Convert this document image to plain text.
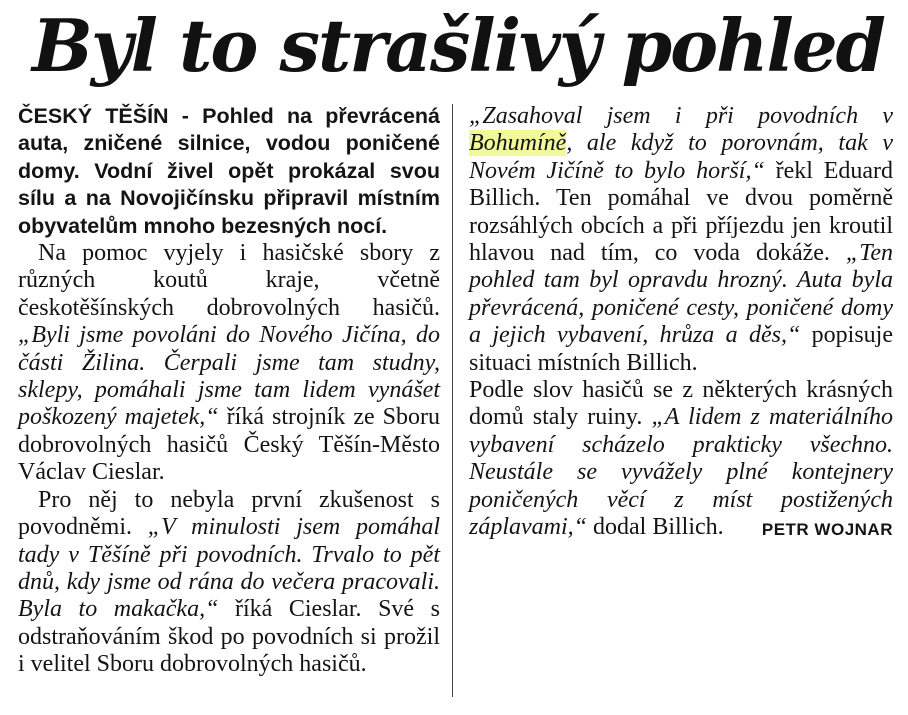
Byl to strašlivý pohled

ČESKÝ TĚŠÍN - Pohled na převrácená auta, zničené silnice, vodou poničené domy. Vodní živel opět prokázal svou sílu a na Novojičínsku připravil místním obyvatelům mnoho bezesných nocí.

Na pomoc vyjely i hasičské sbory z různých koutů kraje, včetně českotěšínských dobrovolných hasičů. „Byli jsme povoláni do Nového Jičína, do části Žilina. Čerpali jsme tam studny, sklepy, pomáhali jsme tam lidem vynášet poškozený majetek,“ říká strojník ze Sboru dobrovolných hasičů Český Těšín-Město Václav Cieslar.

Pro něj to nebyla první zkušenost s povodněmi. „V minulosti jsem pomáhal tady v Těšíně při povodních. Trvalo to pět dnů, kdy jsme od rána do večera pracovali. Byla to makačka,“ říká Cieslar. Své s odstraňováním škod po povodních si prožil i velitel Sboru dobrovolných hasičů.

„Zasahoval jsem i při povodních v Bohumíně, ale když to porovnám, tak v Novém Jičíně to bylo horší,“ řekl Eduard Billich. Ten pomáhal ve dvou poměrně rozsáhlých obcích a při příjezdu jen kroutil hlavou nad tím, co voda dokáže. „Ten pohled tam byl opravdu hrozný. Auta byla převrácená, poničené cesty, poničené domy a jejich vybavení, hrůza a děs,“ popisuje situaci místních Billich.

Podle slov hasičů se z některých krásných domů staly ruiny. „A lidem z materiálního vybavení scházelo prakticky všechno. Neustále se vyvážely plné kontejnery poničených věcí z míst postižených záplavami,“ dodal Billich. PETR WOJNAR
